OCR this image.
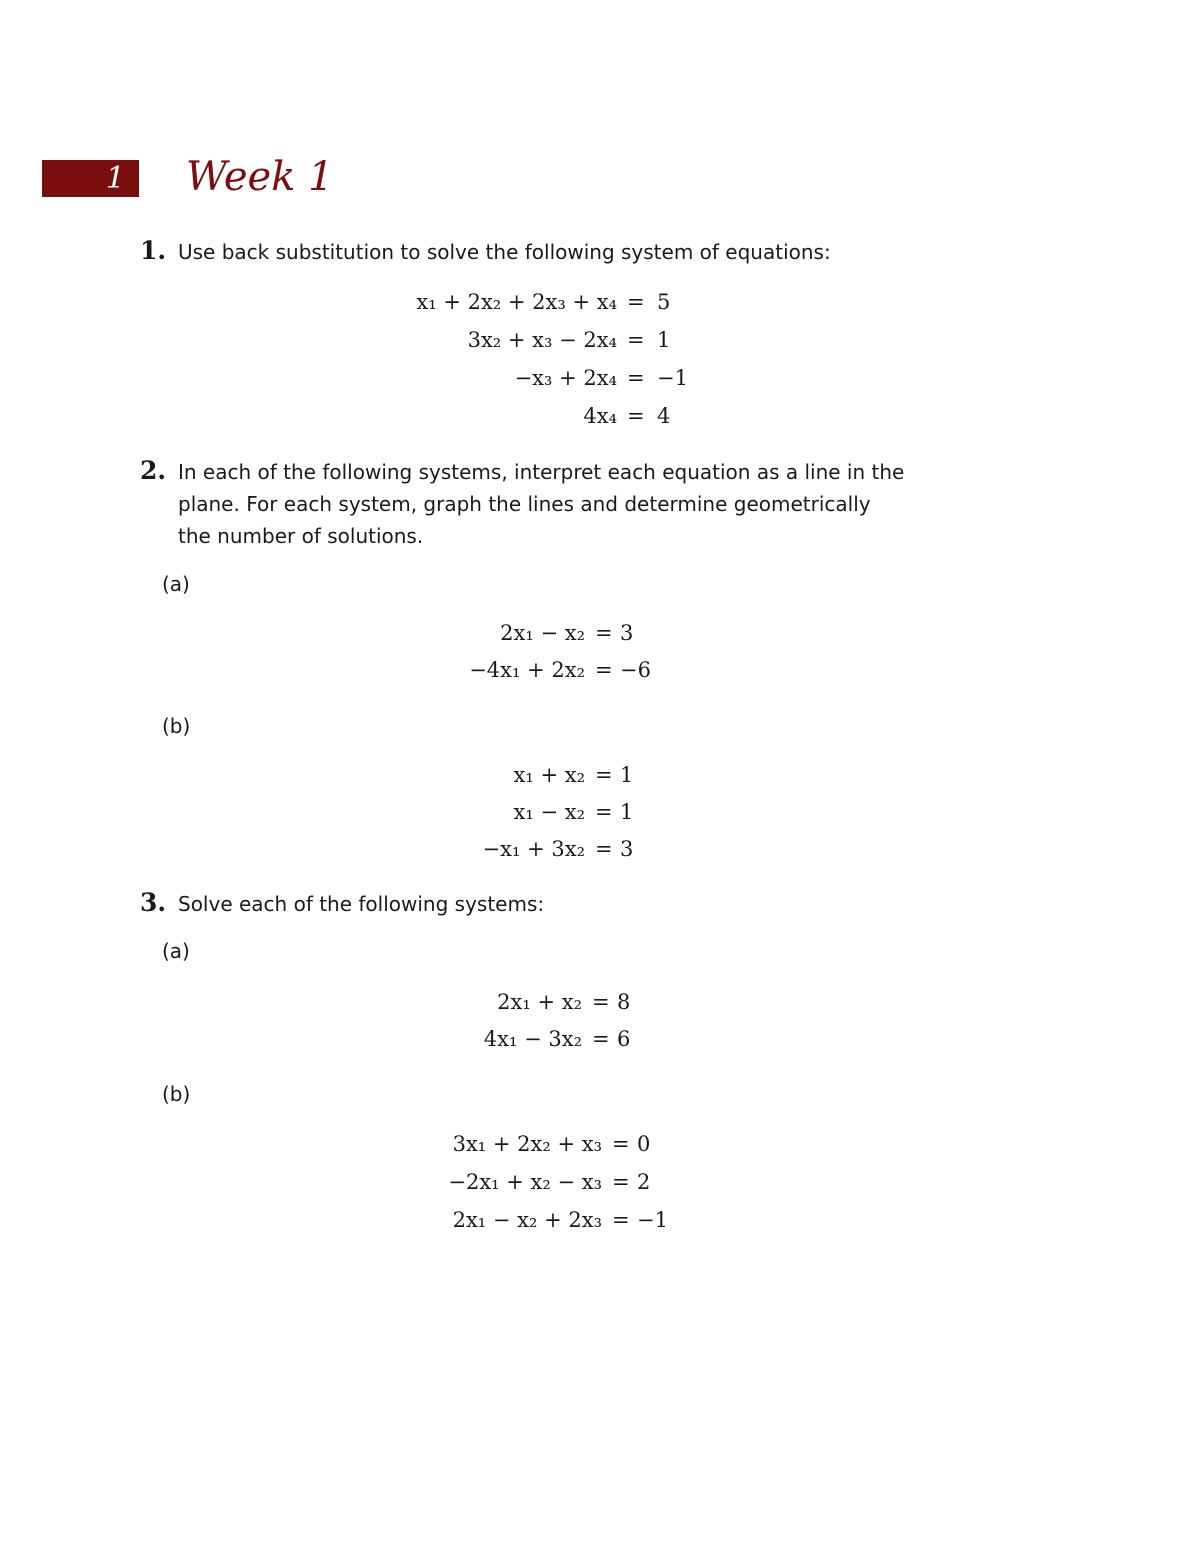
1	Week 1
1. Use back substitution to solve the following system of equations:
x₁ + 2x₂ + 2x₃ + x₄ = 5
3x₂ + x₃ − 2x₄ = 1
−x₃ + 2x₄ = −1
4x₄ = 4
2. In each of the following systems, interpret each equation as a line in the plane. For each system, graph the lines and determine geometrically the number of solutions.
(a)
2x₁ − x₂ = 3
−4x₁ + 2x₂ = −6
(b)
x₁ + x₂ = 1
x₁ − x₂ = 1
−x₁ + 3x₂ = 3
3. Solve each of the following systems:
(a)
2x₁ + x₂ = 8
4x₁ − 3x₂ = 6
(b)
3x₁ + 2x₂ + x₃ = 0
−2x₁ + x₂ − x₃ = 2
2x₁ − x₂ + 2x₃ = −1
